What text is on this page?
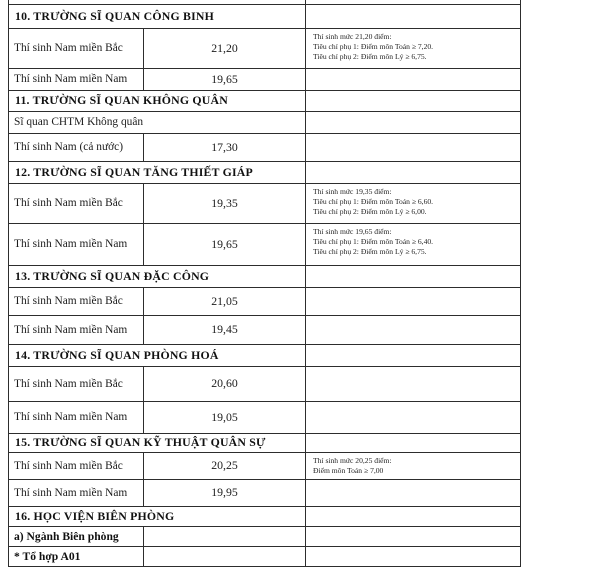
10. TRƯỜNG SĨ QUAN CÔNG BINH		
Thí sinh Nam miền Bắc	21,20	Thí sinh mức 21,20 điểm:
Tiêu chí phụ 1: Điểm môn Toán ≥ 7,20.
Tiêu chí phụ 2: Điểm môn Lý ≥ 6,75.

Thí sinh Nam miền Nam	19,65	
11. TRƯỜNG SĨ QUAN KHÔNG QUÂN		
Sĩ quan CHTM Không quân		
Thí sinh Nam (cả nước)	17,30	
12. TRƯỜNG SĨ QUAN TĂNG THIẾT GIÁP		
Thí sinh Nam miền Bắc	19,35	Thí sinh mức 19,35 điểm:
Tiêu chí phụ 1: Điểm môn Toán ≥ 6,60.
Tiêu chí phụ 2: Điểm môn Lý ≥ 6,00.

Thí sinh Nam miền Nam	19,65	Thí sinh mức 19,65 điểm:
Tiêu chí phụ 1: Điểm môn Toán ≥ 6,40.
Tiêu chí phụ 2: Điểm môn Lý ≥ 6,75.

13. TRƯỜNG SĨ QUAN ĐẶC CÔNG		
Thí sinh Nam miền Bắc	21,05	
Thí sinh Nam miền Nam	19,45	
14. TRƯỜNG SĨ QUAN PHÒNG HOÁ		
Thí sinh Nam miền Bắc	20,60	
Thí sinh Nam miền Nam	19,05	
15. TRƯỜNG SĨ QUAN KỸ THUẬT QUÂN SỰ		
Thí sinh Nam miền Bắc	20,25	Thí sinh mức 20,25 điểm:
Điểm môn Toán ≥ 7,00

Thí sinh Nam miền Nam	19,95	
16. HỌC VIỆN BIÊN PHÒNG		
a) Ngành Biên phòng		
* Tổ hợp A01		
